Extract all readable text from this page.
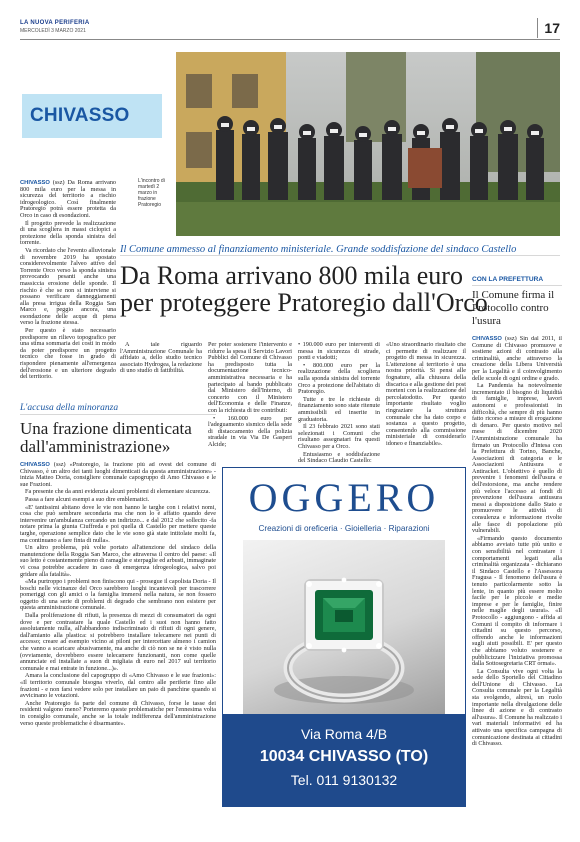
LA NUOVA PERIFERIA
MERCOLEDÌ 3 MARZO 2021	17
CHIVASSO
L'incontro di martedì 2 marzo in frazione Pratoregio

CHIVASSO (ssz) Da Roma arrivano 800 mila euro per la messa in sicurezza del territorio a rischio idrogeologico. Così finalmente Pratoregio potrà essere protetta da Orco in caso di esondazioni.

Il progetto prevede la realizzazione di una scogliera in massi ciclopici a protezione della sponda sinistra del torrente.

Va ricordato che l'evento alluvionale di novembre 2019 ha spostato considerevolmente l'alveo attivo del Torrente Orco verso la sponda sinistra provocando pesanti anche una massiccia erosione delle sponde. Il rischio è che se non si interviene si possano verificare danneggiamenti alla presa irrigua della Roggia San Marco e, peggio ancora, una esondazione delle acque di piena verso la frazione stessa.

Per questo è stato necessario predisporre un rilievo topografico per una stima sommaria dei costi in modo da poter predisporre un progetto tecnico che fosse in grado di rispondere pienamente all'emergenza dell'erosione e un ulteriore degrado del territorio.

Il Comune ammesso al finanziamento ministeriale. Grande soddisfazione del sindaco Castello
Da Roma arrivano 800 mila euro
per proteggere Pratoregio dall'Orco

A tale riguardo l'Amministrazione Comunale ha affidato a, dello studio tecnico associato Hydrogea, la redazione di uno studio di fattibilità.

Per poter sostenere l'intervento e ridurre la spesa il Servizio Lavori Pubblici del Comune di Chivasso ha predisposto tutta la documentazione tecnico-amministrativa necessaria e ha partecipato al bando pubblicato dal Ministero dell'Interno, di concerto con il Ministero dell'Economia e delle Finanze, con la richiesta di tre contributi:

• 160.000 euro per l'adeguamento sismico della sede di distaccamento della polizia stradale in via Via De Gasperi Alcide;

• 190.000 euro per interventi di messa in sicurezza di strade, ponti e viadotti;

• 800.000 euro per la realizzazione della scogliera sulla sponda sinistra del torrente Orco a protezione dell'abitato di Pratoregio.

Tutte e tre le richieste di finanziamento sono state ritenute ammissibili ed inserite in graduatoria.

Il 23 febbraio 2021 sono stati selezionati i Comuni che risultano assegnatari fra questi Chivasso per a Orco.

Entusiasmo e soddisfazione del Sindaco Claudio Castello:

«Uno straordinario risultato che ci permette di realizzare il progetto di messa in sicurezza. L'attenzione al territorio è una nostra priorità. Si pensi alle fognature, alla chiusura della discarica e alla gestione dei post morteni con la realizzazione del percolatodotto. Per questo importante risultato voglio ringraziare la struttura comunale che ha dato corpo e sostanza a questo progetto, consentendo alla commissione ministeriale di considerarlo idoneo e finanziabile».

L'accusa della minoranza
Una frazione dimenticata dall'amministrazione»

CHIVASSO (ssz) «Pratoregio, la frazione più ad ovest del comune di Chivasso, è un altro dei tanti luoghi dimenticati da questa amministrazione» - inizia Matteo Doria, consigliere comunale capogruppo di Amo Chivasso e le sue Frazioni.

Fa presente che da anni evidenzia alcuni problemi di elementare sicurezza.

Passa a fare alcuni esempi a suo dire emblematici.

«E' tantissimi abitano dove le vie non hanno le targhe con i relativi nomi, cosa che può sembrare secondaria ma che non lo è affatto quando deve intervenire un'ambulanza cercando un indirizzo... e dal 2012 che sollecito -fa notare prima la giunta Ciuffreda e poi quella di Castello per mettere queste targhe, operazione semplice dato che le vie sono già state intitolate molti fa, ma continuano a fare finta di nulla».

Un altro problema, più volte portato all'attenzione del sindaco della manutenzione della Roggia San Marco, che attraversa il centro del paese: «Il suo letto è costantemente pieno di ramaglie e sterpaglie ed arbusti, immaginate vi cosa potrebbe accadere in caso di emergenza idrogeologica, salvo poi gridare alla fatalità».

«Ma purtroppo i problemi non finiscono qui - prosegue il capolista Doria - Il boschi nelle vicinanze del Orco sarebbero luoghi incantevoli per trascorrere pomeriggi con gli amici o la famiglia immersi nella natura, se non fossero oggetto di una serie di problemi di degrado che sembrano non esistere per questa amministrazione comunale.

Dalla proliferazione di rifiuti, la presenza di mezzi di consumatori da ogni dove e per contrastare la quale Castello ed i suoi non hanno fatto assolutamente nulla, all'abbandono indiscriminato di rifiuti di ogni genere, dall'amianto alla plastica: si potrebbero installare telecamere nei punti di accesso; creare ad esempio vicino ai piloni per intercettare almeno i camion che vanno a scaricare abusivamente, ma anche di ciò non se ne è visto nulla (ovviamente, dovrebbero essere telecamere funzionanti, non come quelle annunciate ed installate a suon di migliaia di euro nel 2017 sul territorio comunale e mai entrate in funzione...)».

Amara la conclusione del capogruppo di «Amo Chivasso e le sue frazioni»: «Il territorio comunale bisogna viverlo, dal centro alle periferie fino alle frazioni - e non farsi vedere solo per installare un paio di panchine quando si avvicinano le votazioni.

Anche Pratoregio fa parte del comune di Chivasso, forse le tasse dei residenti valgono meno? Porteremo queste problematiche per l'ennesima volta in consiglio comunale, anche se la totale indifferenza dell'amministrazione verso queste problematiche è disarmante».

CON LA PREFETTURA
Il Comune firma il Protocollo contro l'usura

CHIVASSO (ssz) Sin dal 2011, il Comune di Chivasso promuove e sostiene azioni di contrasto alla criminalità, anche attraverso la creazione della Libera Università per la Legalità e il coinvolgimento delle scuole di ogni ordine e grado.

La Pandemia ha notevolmente incrementato il bisogno di liquidità di famiglie, imprese, lavori autonomi e professionisti in difficoltà, che sempre di più hanno fatto ricorso a misure di erogazione di denaro. Per questo motivo nel mese di dicembre 2020 l'Amministrazione comunale ha firmato un Protocollo d'Intesa con la Prefettura di Torino, Banche, Associazioni di categoria e le Associazioni Antiusura e Antiracket. L'obiettivo è quello di prevenire i fenomeni dell'usura e dell'estorsione, ma anche rendere più veloce l'accesso ai fondi di prevenzione dell'usura antiusura messi a disposizione dallo Stato e promuovere le attività di consulenza e informazione rivolte alle fasce di popolazione più vulnerabili.

«Firmando questo documento abbiamo avviato tutte più unito e con sensibilità nel contrastare i comportamenti legati alla criminalità organizzata - dichiarano il Sindaco Castello e l'Assessora Fragusa - Il fenomeno dell'usura è tenuto particolarmente sotto la lente, in quanto più essere molto facile per le piccole e medie imprese e per le famiglie, finire nelle maglie degli usurai». «Il Protocollo - aggiungono - affida ai Comuni il compito di informare i cittadini su questo percorso, offrendo anche le informazioni sugli aiuti possibili. E' per questo che abbiamo voluto sostenere e pubblicizzare l'iniziativa promossa dalla Sottosegretaria CRT ormai».

La Consulta vive ogni volta la sede dello Sportello del Cittadino dell'Unione di Chivasso. La Consulta comunale per la Legalità sta svolgendo, altresì, un ruolo importante nella divulgazione delle linee di azione e di contrasto all'usura». Il Comune ha realizzato i vari materiali informativi ed ha attivato una specifica campagna di comunicazione destinata ai cittadini di Chivasso.

OGGERO
Creazioni di oreficeria · Gioielleria · Riparazioni
Via Roma 4/B
10034 CHIVASSO (TO)
Tel. 011 9130132
